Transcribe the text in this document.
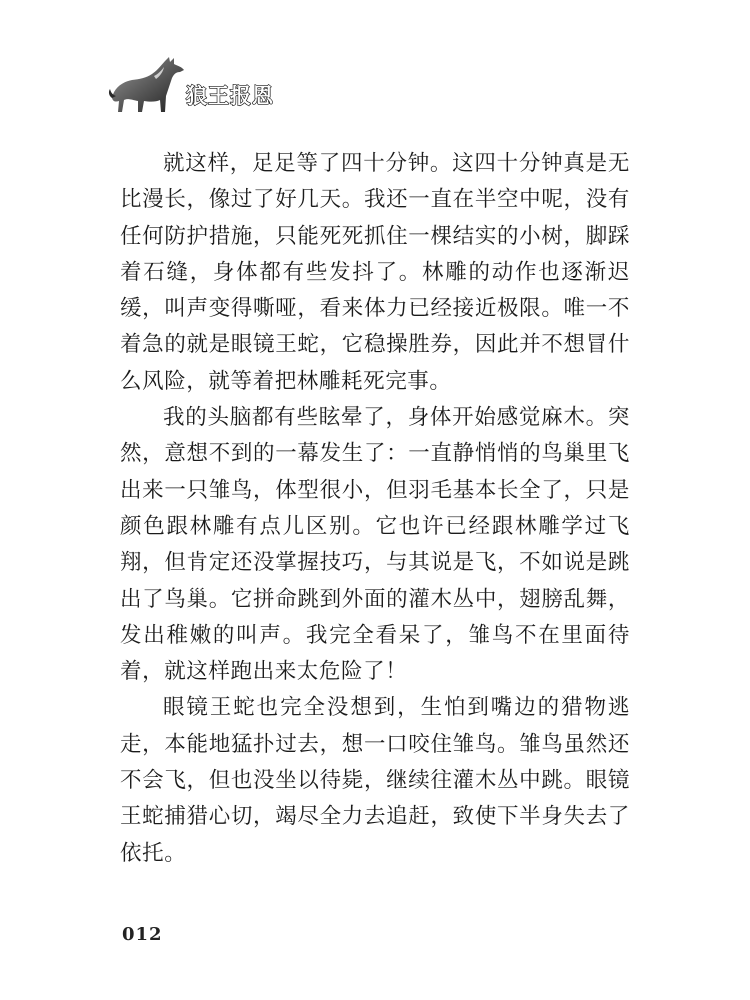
狼王报恩

就这样，足足等了四十分钟。这四十分钟真是无比漫长，像过了好几天。我还一直在半空中呢，没有任何防护措施，只能死死抓住一棵结实的小树，脚踩着石缝，身体都有些发抖了。林雕的动作也逐渐迟缓，叫声变得嘶哑，看来体力已经接近极限。唯一不着急的就是眼镜王蛇，它稳操胜券，因此并不想冒什么风险，就等着把林雕耗死完事。

我的头脑都有些眩晕了，身体开始感觉麻木。突然，意想不到的一幕发生了：一直静悄悄的鸟巢里飞出来一只雏鸟，体型很小，但羽毛基本长全了，只是颜色跟林雕有点儿区别。它也许已经跟林雕学过飞翔，但肯定还没掌握技巧，与其说是飞，不如说是跳出了鸟巢。它拼命跳到外面的灌木丛中，翅膀乱舞，发出稚嫩的叫声。我完全看呆了，雏鸟不在里面待着，就这样跑出来太危险了！

眼镜王蛇也完全没想到，生怕到嘴边的猎物逃走，本能地猛扑过去，想一口咬住雏鸟。雏鸟虽然还不会飞，但也没坐以待毙，继续往灌木丛中跳。眼镜王蛇捕猎心切，竭尽全力去追赶，致使下半身失去了依托。

012
